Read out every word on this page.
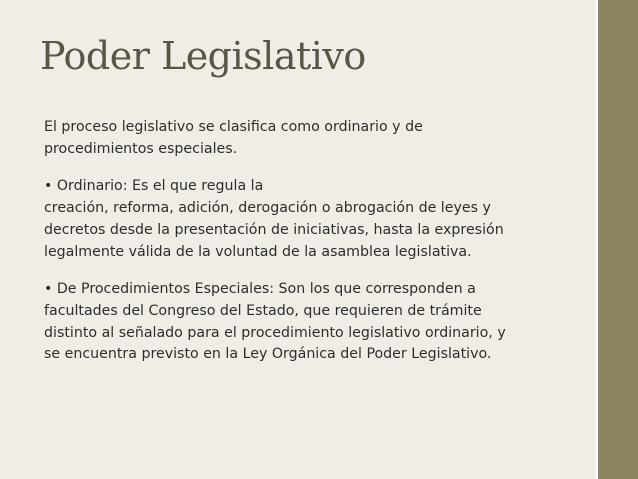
Poder Legislativo

El proceso legislativo se clasifica como ordinario y de
procedimientos especiales.

• Ordinario: Es el que regula la
creación, reforma, adición, derogación o abrogación de leyes y
decretos desde la presentación de iniciativas, hasta la expresión
legalmente válida de la voluntad de la asamblea legislativa.

• De Procedimientos Especiales: Son los que corresponden a
facultades del Congreso del Estado, que requieren de trámite
distinto al señalado para el procedimiento legislativo ordinario, y
se encuentra previsto en la Ley Orgánica del Poder Legislativo.
